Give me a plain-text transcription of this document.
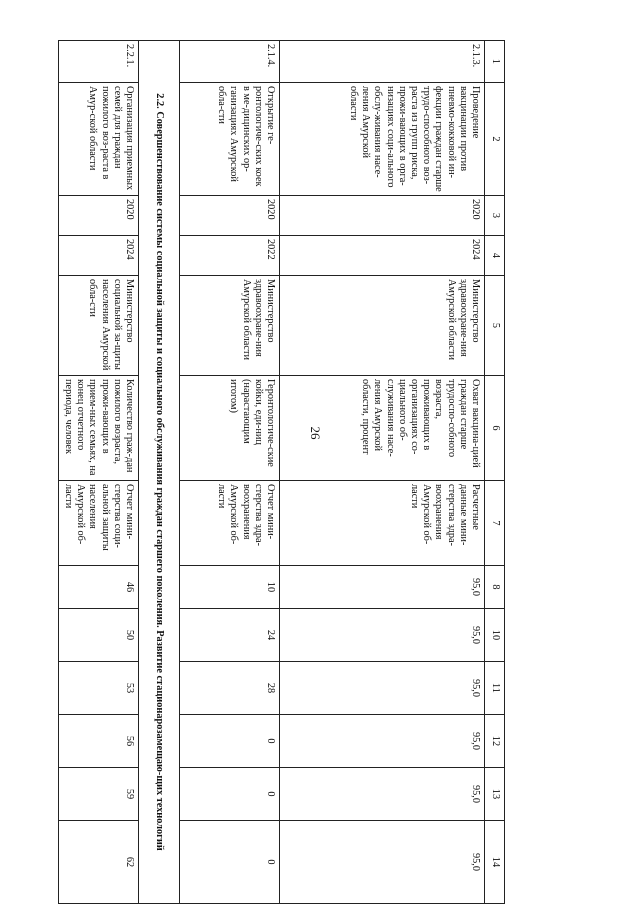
26
1	2	3	4	5	6	7	8	10	11	12	13	14
2.1.3.	Проведение вакцинации против пневмо-кокковой ин-фекции граждан старше трудо-способного воз-раста из групп риска, прожи-вающих в орга-низациях соци-ального обслу-живания насе-ления Амурской области	2020	2024	Министерство здравоохране-ния Амурской области	Охват вакцина-цией граждан старше трудоспо-собного возраста, проживающих в организациях со-циального об-служивания насе-ления Амурской области, процент	Расчетные данные мини-стерства здра-воохранения Амурской об-ласти	95,0	95,0	95,0	95,0	95,0	95,0
2.1.4.	Открытие ге-ронтологиче-ских коек в ме-дицинских ор-ганизациях Амурской обла-сти	2020	2022	Министерство здравоохране-ния Амурской области	Геронтологиче-ские койки, еди-ниц (нарастающим итогом)	Отчет мини-стерства здра-воохранения Амурской об-ласти	10	24	28	0	0	0
2.2. Совершенствование системы социальной защиты и социального обслуживания граждан старшего поколения. Развитие стационарозамещаю-щих технологий												
2.2.1.	Организация приемных семей для граждан пожилого воз-раста в Амур-ской области	2020	2024	Министерство социальной за-щиты населения Амурской обла-сти	Количество граж-дан пожилого возраста, прожи-вающих в прием-ных семьях, на конец отчетного периода, человек	Отчет мини-стерства соци-альной защиты населения Амурской об-ласти	46	50	53	56	59	62
